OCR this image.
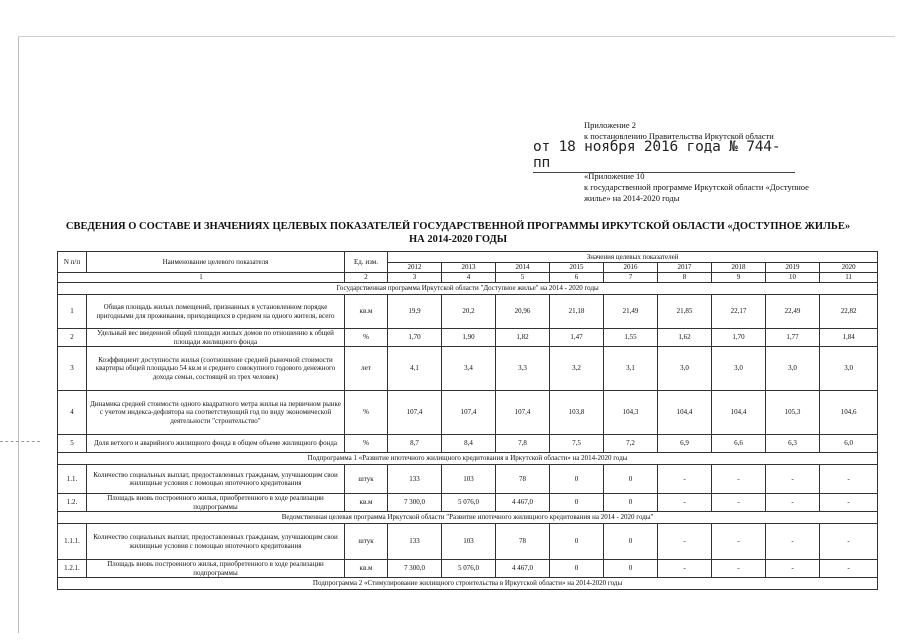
Приложение 2
к постановлению Правительства Иркутской области
от 18 ноября 2016 года № 744-пп
«Приложение 10
к государственной программе Иркутской области «Доступное жилье» на 2014-2020 годы
СВЕДЕНИЯ О СОСТАВЕ И ЗНАЧЕНИЯХ ЦЕЛЕВЫХ ПОКАЗАТЕЛЕЙ ГОСУДАРСТВЕННОЙ ПРОГРАММЫ ИРКУТСКОЙ ОБЛАСТИ «ДОСТУПНОЕ ЖИЛЬЕ» НА 2014-2020 ГОДЫ
N п/п	Наименование целевого показателя	Ед. изм.	Значения целевых показателей								
			2012	2013	2014	2015	2016	2017	2018	2019	2020
1		2	3	4	5	6	7	8	9	10	11
Государственная программа Иркутской области "Доступное жилье" на 2014 - 2020 годы											
1	Общая площадь жилых помещений, признанных в установленном порядке пригодными для проживания, приходящихся в среднем на одного жителя, всего	кв.м	19,9	20,2	20,96	21,18	21,49	21,85	22,17	22,49	22,82
2	Удельный вес введенной общей площади жилых домов по отношению к общей площади жилищного фонда	%	1,70	1,90	1,82	1,47	1,55	1,62	1,70	1,77	1,84
3	Коэффициент доступности жилья (соотношение средней рыночной стоимости квартиры общей площадью 54 кв.м и среднего совокупного годового денежного дохода семьи, состоящей из трех человек)	лет	4,1	3,4	3,3	3,2	3,1	3,0	3,0	3,0	3,0
4	Динамика средней стоимости одного квадратного метра жилья на первичном рынке с учетом индекса-дефлятора на соответствующий год по виду экономической деятельности "строительство"	%	107,4	107,4	107,4	103,8	104,3	104,4	104,4	105,3	104,6
5	Доля ветхого и аварийного жилищного фонда в общем объеме жилищного фонда	%	8,7	8,4	7,8	7,5	7,2	6,9	6,6	6,3	6,0
Подпрограмма 1 «Развитие ипотечного жилищного кредитования в Иркутской области» на 2014-2020 годы											
1.1.	Количество социальных выплат, предоставленных гражданам, улучшающим свои жилищные условия с помощью ипотечного кредитования	штук	133	103	78	0	0	-	-	-	-
1.2.	Площадь вновь построенного жилья, приобретенного в ходе реализации подпрограммы	кв.м	7 300,0	5 076,0	4 467,0	0	0	-	-	-	-
Ведомственная целевая программа Иркутской области "Развитие ипотечного жилищного кредитования на 2014 - 2020 годы"											
1.1.1.	Количество социальных выплат, предоставленных гражданам, улучшающим свои жилищные условия с помощью ипотечного кредитования	штук	133	103	78	0	0	-	-	-	-
1.2.1.	Площадь вновь построенного жилья, приобретенного в ходе реализации подпрограммы	кв.м	7 300,0	5 076,0	4 467,0	0	0	-	-	-	-
Подпрограмма 2 «Стимулирование жилищного строительства в Иркутской области» на 2014-2020 годы											
